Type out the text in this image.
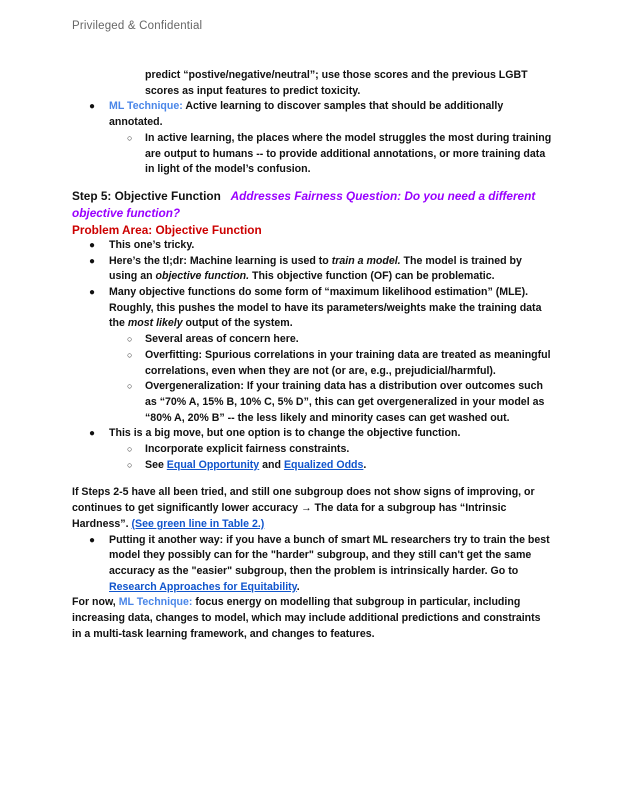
Privileged & Confidential
predict “postive/negative/neutral”; use those scores and the previous LGBT
scores as input features to predict toxicity.
● ML Technique: Active learning to discover samples that should be additionally annotated.
○ In active learning, the places where the model struggles the most during training are output to humans -- to provide additional annotations, or more training data in light of the model’s confusion.
Step 5: Objective Function Addresses Fairness Question: Do you need a different objective function?
Problem Area: Objective Function
● This one’s tricky.
● Here’s the tl;dr: Machine learning is used to train a model. The model is trained by using an objective function. This objective function (OF) can be problematic.
● Many objective functions do some form of “maximum likelihood estimation” (MLE). Roughly, this pushes the model to have its parameters/weights make the training data the most likely output of the system.
○ Several areas of concern here.
○ Overfitting: Spurious correlations in your training data are treated as meaningful correlations, even when they are not (or are, e.g., prejudicial/harmful).
○ Overgeneralization: If your training data has a distribution over outcomes such as “70% A, 15% B, 10% C, 5% D”, this can get overgeneralized in your model as “80% A, 20% B” -- the less likely and minority cases can get washed out.
● This is a big move, but one option is to change the objective function.
○ Incorporate explicit fairness constraints.
○ See Equal Opportunity and Equalized Odds.
If Steps 2-5 have all been tried, and still one subgroup does not show signs of improving, or continues to get significantly lower accuracy → The data for a subgroup has “Intrinsic Hardness”. (See green line in Table 2.)
● Putting it another way: if you have a bunch of smart ML researchers try to train the best model they possibly can for the "harder" subgroup, and they still can't get the same accuracy as the "easier" subgroup, then the problem is intrinsically harder. Go to Research Approaches for Equitability.
For now, ML Technique: focus energy on modelling that subgroup in particular, including increasing data, changes to model, which may include additional predictions and constraints in a multi-task learning framework, and changes to features.
